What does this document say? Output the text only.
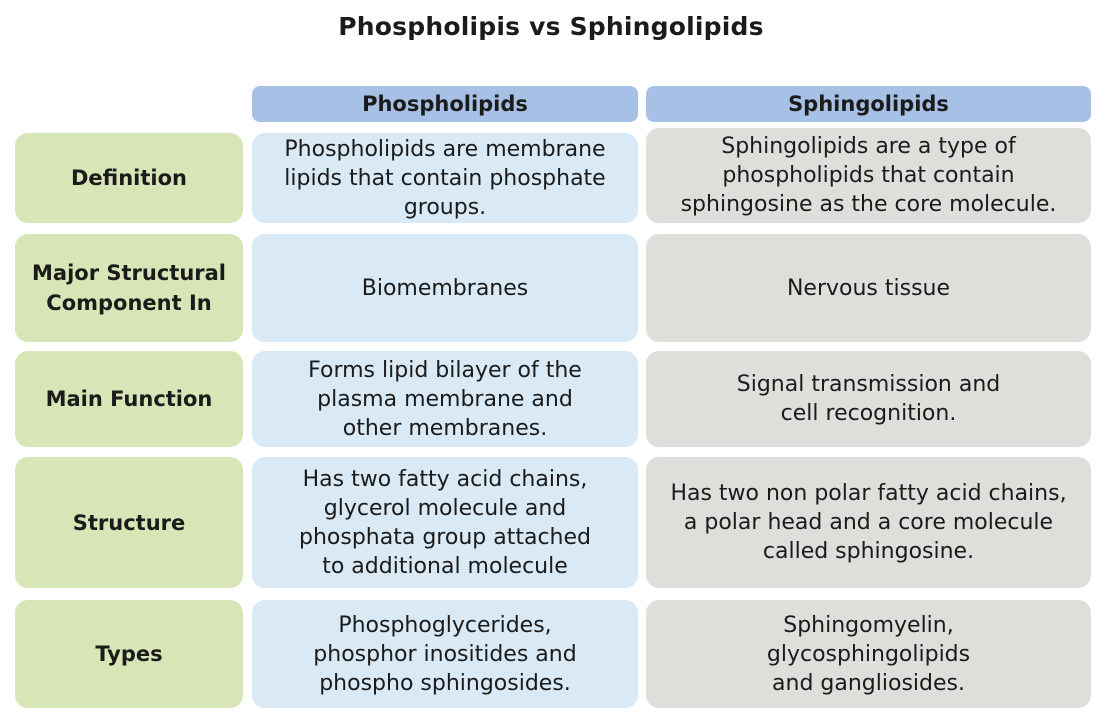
Phospholipis vs Sphingolipids
Phospholipids	Sphingolipids
Definition
Phospholipids are membrane
lipids that contain phosphate
groups.
Sphingolipids are a type of
phospholipids that contain
sphingosine as the core molecule.
Major Structural
Component In
Biomembranes	Nervous tissue
Main Function
Forms lipid bilayer of the
plasma membrane and
other membranes.
Signal transmission and
cell recognition.
Structure
Has two fatty acid chains,
glycerol molecule and
phosphata group attached
to additional molecule
Has two non polar fatty acid chains,
a polar head and a core molecule
called sphingosine.
Types
Phosphoglycerides,
phosphor inositides and
phospho sphingosides.
Sphingomyelin,
glycosphingolipids
and gangliosides.
